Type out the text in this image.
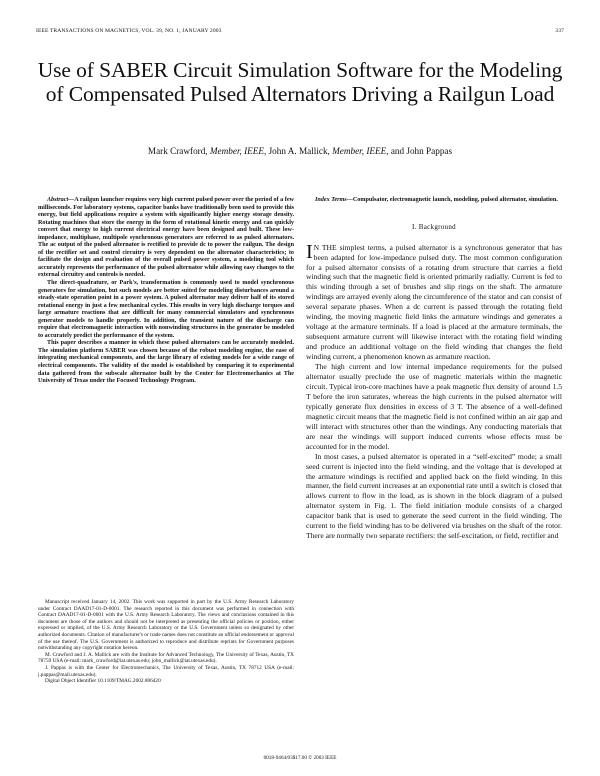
IEEE TRANSACTIONS ON MAGNETICS, VOL. 39, NO. 1, JANUARY 2003	337
Use of SABER Circuit Simulation Software for the Modeling of Compensated Pulsed Alternators Driving a Railgun Load
Mark Crawford, Member, IEEE, John A. Mallick, Member, IEEE, and John Pappas

Abstract—A railgun launcher requires very high current pulsed power over the period of a few milliseconds. For laboratory systems, capacitor banks have traditionally been used to provide this energy, but field applications require a system with significantly higher energy storage density. Rotating machines that store the energy in the form of rotational kinetic energy and can quickly convert that energy to high current electrical energy have been designed and built. These low-impedance, multiphase, multipole synchronous generators are referred to as pulsed alternators. The ac output of the pulsed alternator is rectified to provide dc to power the railgun. The design of the rectifier set and control circuitry is very dependent on the alternator characteristics; to facilitate the design and evaluation of the overall pulsed power system, a modeling tool which accurately represents the performance of the pulsed alternator while allowing easy changes to the external circuitry and controls is needed.

The direct-quadrature, or Park's, transformation is commonly used to model synchronous generators for simulation, but such models are better suited for modeling disturbances around a steady-state operation point in a power system. A pulsed alternator may deliver half of its stored rotational energy in just a few mechanical cycles. This results in very high discharge torques and large armature reactions that are difficult for many commercial simulators and synchronous generator models to handle properly. In addition, the transient nature of the discharge can require that electromagnetic interaction with nonwinding structures in the generator be modeled to accurately predict the performance of the system.

This paper describes a manner in which these pulsed alternators can be accurately modeled. The simulation platform SABER was chosen because of the robust modeling engine, the ease of integrating mechanical components, and the large library of existing models for a wide range of electrical components. The validity of the model is established by comparing it to experimental data gathered from the subscale alternator built by the Center for Electromechanics at The University of Texas under the Focused Technology Program.

Manuscript received January 14, 2002. This work was supported in part by the U.S. Army Research Laboratory under Contract DAAD17-01-D-0001. The research reported in this document was performed in connection with Contract DAAD17-01-D-0001 with the U.S. Army Research Laboratory. The views and conclusions contained in this document are those of the authors and should not be interpreted as presenting the official policies or position, either expressed or implied, of the U.S. Army Research Laboratory or the U.S. Government unless so designated by other authorized documents. Citation of manufacturer's or trade names does not constitute an official endorsement or approval of the use thereof. The U.S. Government is authorized to reproduce and distribute reprints for Government purposes notwithstanding any copyright notation hereon.

M. Crawford and J. A. Mallick are with the Institute for Advanced Technology, The University of Texas, Austin, TX 78759 USA (e-mail: mark_crawford@iat.utexas.edu; john_mallick@iat.utexas.edu).

J. Pappas is with the Center for Electromechanics, The University of Texas, Austin, TX 78712 USA (e-mail: j.pappas@mail.utexas.edu).

Digital Object Identifier 10.1109/TMAG.2002.806420

Index Terms—Compulsator, electromagnetic launch, modeling, pulsed alternator, simulation.

I. Background

I N THE simplest terms, a pulsed alternator is a synchronous generator that has been adapted for low-impedance pulsed duty. The most common configuration for a pulsed alternator consists of a rotating drum structure that carries a field winding such that the magnetic field is oriented primarily radially. Current is fed to this winding through a set of brushes and slip rings on the shaft. The armature windings are arrayed evenly along the circumference of the stator and can consist of several separate phases. When a dc current is passed through the rotating field winding, the moving magnetic field links the armature windings and generates a voltage at the armature terminals. If a load is placed at the armature terminals, the subsequent armature current will likewise interact with the rotating field winding and produce an additional voltage on the field winding that changes the field winding current, a phenomenon known as armature reaction.

The high current and low internal impedance requirements for the pulsed alternator usually preclude the use of magnetic materials within the magnetic circuit. Typical iron-core machines have a peak magnetic flux density of around 1.5 T before the iron saturates, whereas the high currents in the pulsed alternator will typically generate flux densities in excess of 3 T. The absence of a well-defined magnetic circuit means that the magnetic field is not confined within an air gap and will interact with structures other than the windings. Any conducting materials that are near the windings will support induced currents whose effects must be accounted for in the model.

In most cases, a pulsed alternator is operated in a “self-excited” mode; a small seed current is injected into the field winding, and the voltage that is developed at the armature windings is rectified and applied back on the field winding. In this manner, the field current increases at an exponential rate until a switch is closed that allows current to flow in the load, as is shown in the block diagram of a pulsed alternator system in Fig. 1. The field initiation module consists of a charged capacitor bank that is used to generate the seed current in the field winding. The current to the field winding has to be delivered via brushes on the shaft of the rotor. There are normally two separate rectifiers: the self-excitation, or field, rectifier and

0018-9464/03$17.00 © 2003 IEEE
